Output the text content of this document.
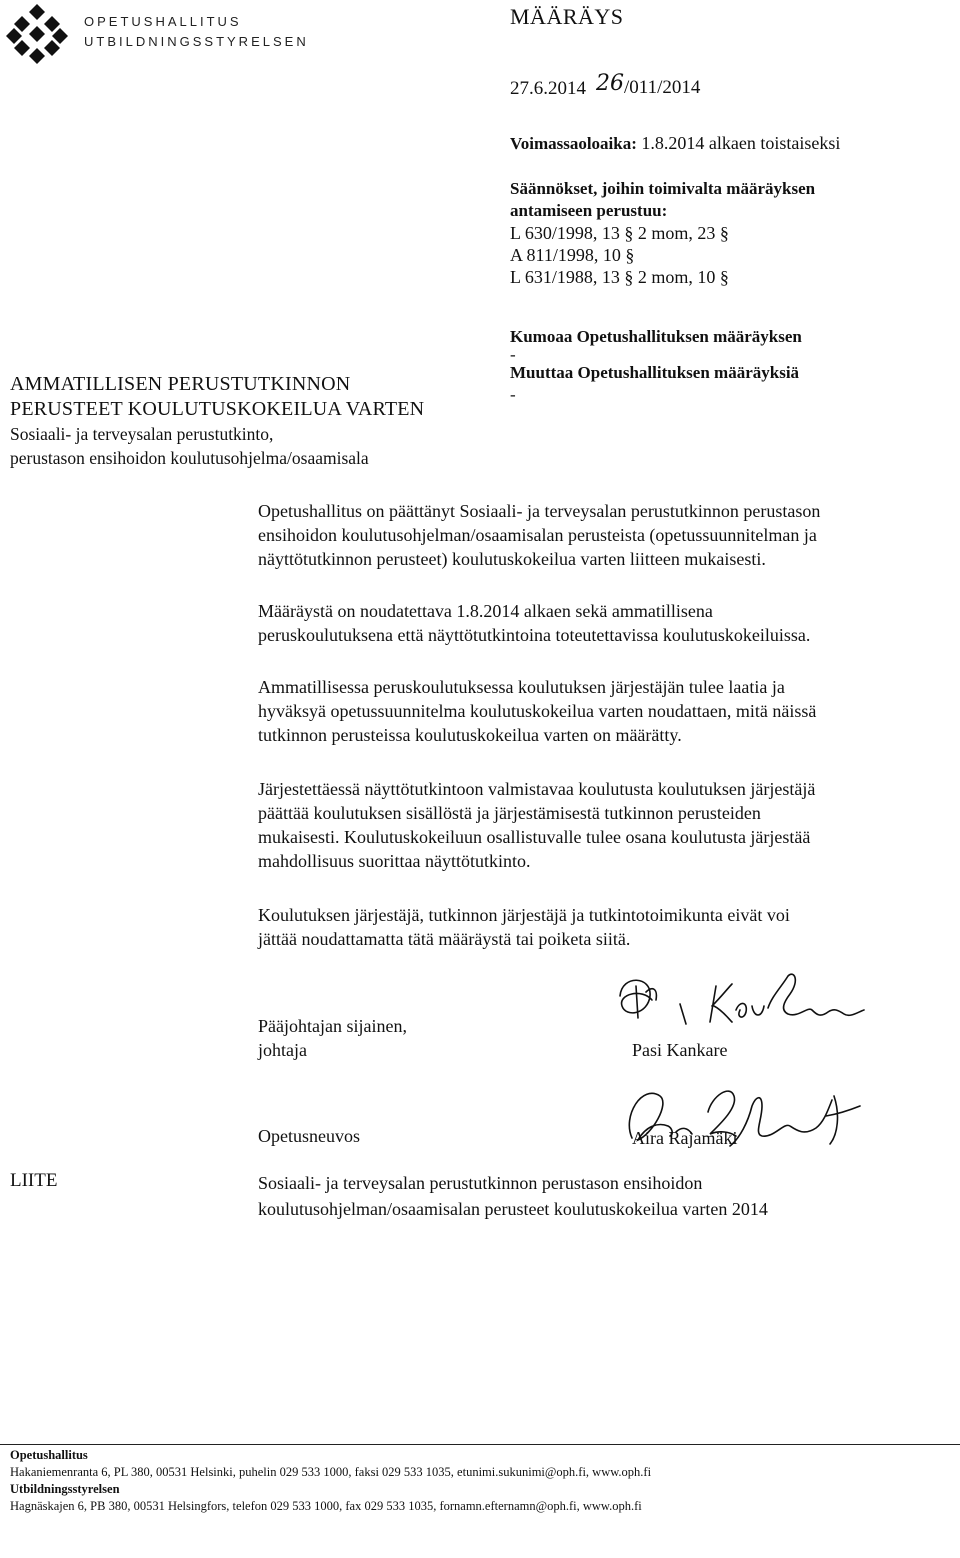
OPETUSHALLITUS
UTBILDNINGSSTYRELSEN
MÄÄRÄYS
27.6.2014 26/011/2014
Voimassaoloaika: 1.8.2014 alkaen toistaiseksi
Säännökset, joihin toimivalta määräyksen
antamiseen perustuu:
L 630/1998, 13 § 2 mom, 23 §
A 811/1998, 10 §
L 631/1988, 13 § 2 mom, 10 §
Kumoaa Opetushallituksen määräyksen
-
Muuttaa Opetushallituksen määräyksiä
-
AMMATILLISEN PERUSTUTKINNON
PERUSTEET KOULUTUSKOKEILUA VARTEN
Sosiaali- ja terveysalan perustutkinto,
perustason ensihoidon koulutusohjelma/osaamisala

Opetushallitus on päättänyt Sosiaali- ja terveysalan perustutkinnon perustason

ensihoidon koulutusohjelman/osaamisalan perusteista (opetussuunnitelman ja

näyttötutkinnon perusteet) koulutuskokeilua varten liitteen mukaisesti.

Määräystä on noudatettava 1.8.2014 alkaen sekä ammatillisena

peruskoulutuksena että näyttötutkintoina toteutettavissa koulutuskokeiluissa.

Ammatillisessa peruskoulutuksessa koulutuksen järjestäjän tulee laatia ja

hyväksyä opetussuunnitelma koulutuskokeilua varten noudattaen, mitä näissä

tutkinnon perusteissa koulutuskokeilua varten on määrätty.

Järjestettäessä näyttötutkintoon valmistavaa koulutusta koulutuksen järjestäjä

päättää koulutuksen sisällöstä ja järjestämisestä tutkinnon perusteiden

mukaisesti. Koulutuskokeiluun osallistuvalle tulee osana koulutusta järjestää

mahdollisuus suorittaa näyttötutkinto.

Koulutuksen järjestäjä, tutkinnon järjestäjä ja tutkintotoimikunta eivät voi

jättää noudattamatta tätä määräystä tai poiketa siitä.

Pääjohtajan sijainen,
johtaja	Pasi Kankare
Opetusneuvos	Aira Rajamäki
LIITE	Sosiaali- ja terveysalan perustutkinnon perustason ensihoidon
koulutusohjelman/osaamisalan perusteet koulutuskokeilua varten 2014
Opetushallitus
Hakaniemenranta 6, PL 380, 00531 Helsinki, puhelin 029 533 1000, faksi 029 533 1035, etunimi.sukunimi@oph.fi, www.oph.fi
Utbildningsstyrelsen
Hagnäskajen 6, PB 380, 00531 Helsingfors, telefon 029 533 1000, fax 029 533 1035, fornamn.efternamn@oph.fi, www.oph.fi
